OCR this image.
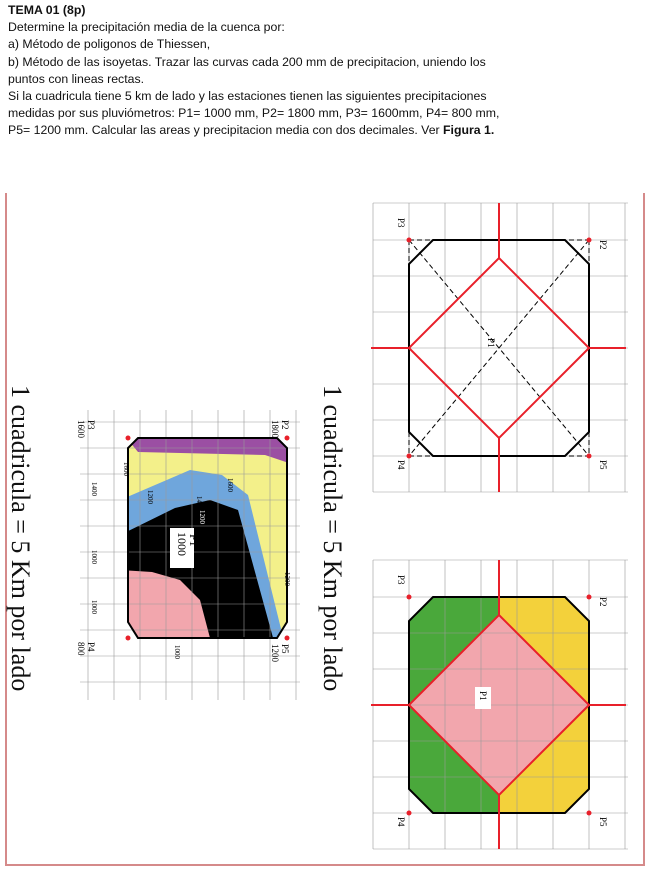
TEMA 01 (8p)

Determine la precipitación media de la cuenca por:

a) Método de poligonos de Thiessen,

b) Método de las isoyetas. Trazar las curvas cada 200 mm de precipitacion, uniendo los

puntos con lineas rectas.

Si la cuadricula tiene 5 km de lado y las estaciones tienen las siguientes precipitaciones

medidas por sus pluviómetros: P1= 1000 mm, P2= 1800 mm, P3= 1600mm, P4= 800 mm,

P5= 1200 mm. Calcular las areas y precipitacion media con dos decimales. Ver Figura 1.

P2
1800
1600 P3
800 P4	P5
1200
1600
1400
1200
1000
1600
1400
1200
1000
1200
1000
P1
1000
1 cuadricula = 5 Km por lado	1 cuadricula = 5 Km por lado
P3
P2
P4	P5
P1
P3
P2
P4	P5
P1
